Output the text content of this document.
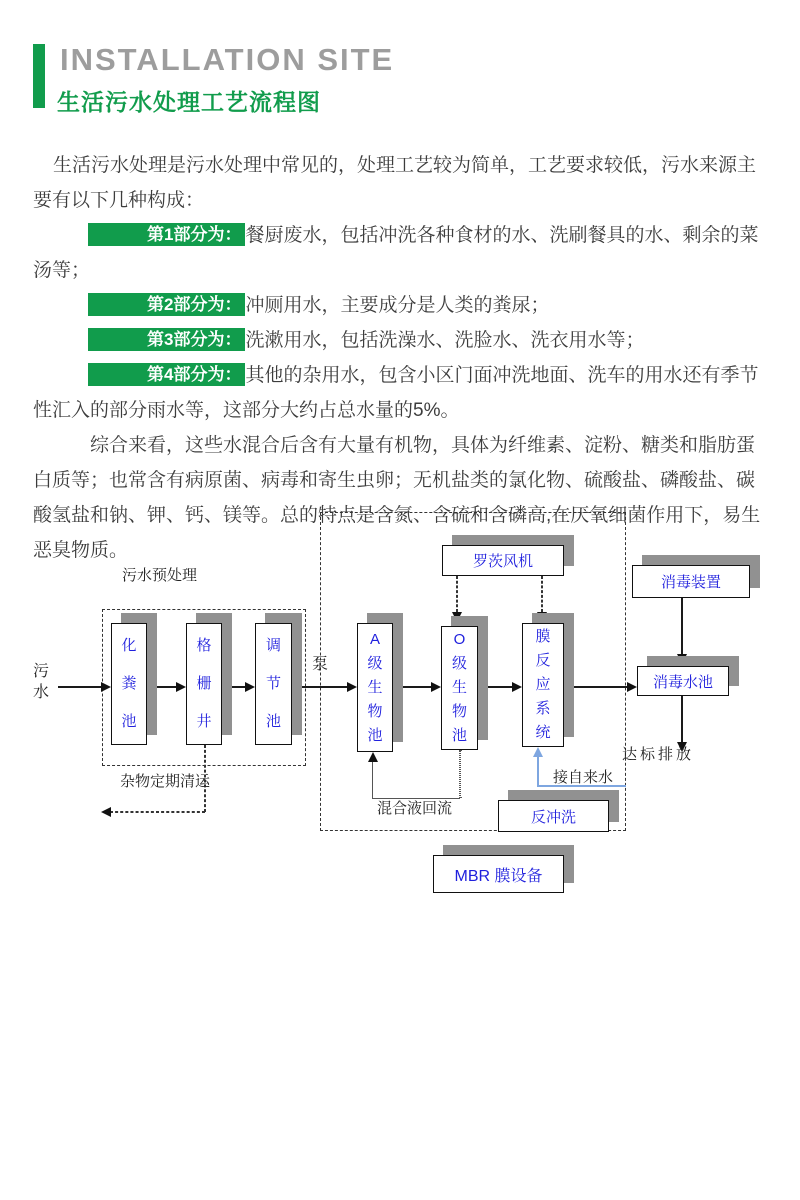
INSTALLATION SITE
生活污水处理工艺流程图

生活污水处理是污水处理中常见的，处理工艺较为简单，工艺要求较低，污水来源主要有以下几种构成：

第1部分为： 餐厨废水，包括冲洗各种食材的水、洗刷餐具的水、剩余的菜汤等；

第2部分为： 冲厕用水，主要成分是人类的粪尿；

第3部分为： 洗漱用水，包括洗澡水、洗脸水、洗衣用水等；

第4部分为： 其他的杂用水，包含小区门面冲洗地面、洗车的用水还有季节性汇入的部分雨水等，这部分大约占总水量的5%。

综合来看，这些水混合后含有大量有机物，具体为纤维素、淀粉、糖类和脂肪蛋白质等；也常含有病原菌、病毒和寄生虫卵；无机盐类的氯化物、硫酸盐、磷酸盐、碳酸氢盐和钠、钾、钙、镁等。总的特点是含氮、含硫和含磷高,在厌氧细菌作用下，易生恶臭物质。

污水预处理
污水
化粪池
格栅井
调节池
A级生物池
O级生物池
膜反应系统
罗茨风机
消毒装置
消毒水池
反冲洗
MBR 膜设备
泵
达标排放
杂物定期清运
混合液回流
接自来水
